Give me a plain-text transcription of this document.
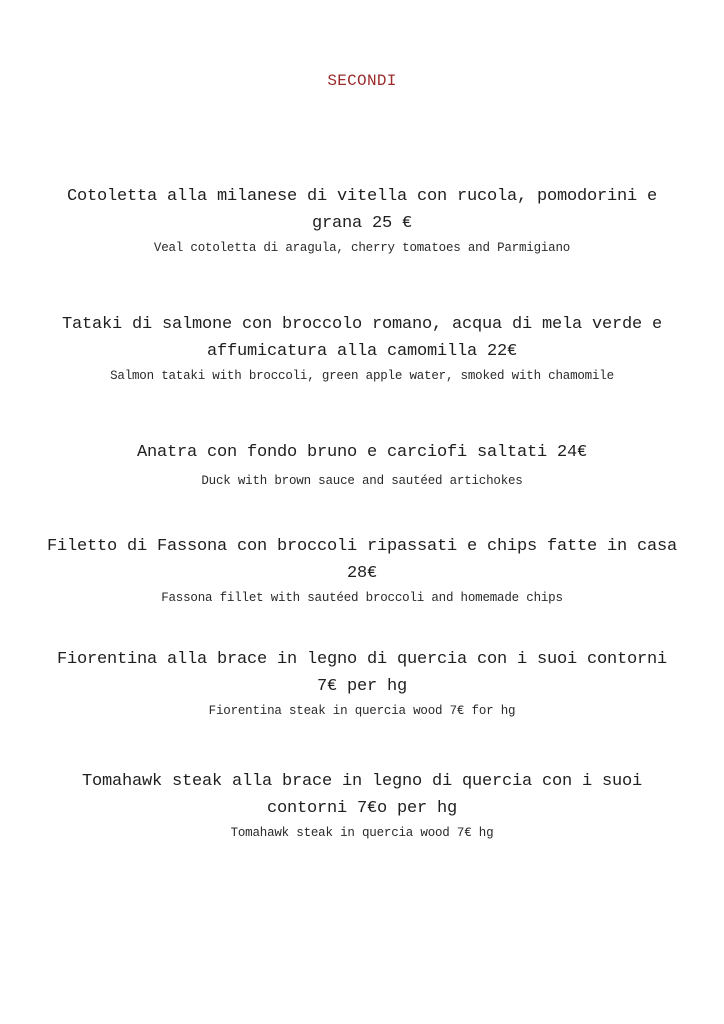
SECONDI
Cotoletta alla milanese di vitella con rucola, pomodorini e
grana 25 €
Veal cotoletta di aragula, cherry tomatoes and Parmigiano
Tataki di salmone con broccolo romano, acqua di mela verde e
affumicatura alla camomilla 22€
Salmon tataki with broccoli, green apple water, smoked with chamomile
Anatra con fondo bruno e carciofi saltati 24€
Duck with brown sauce and sautéed artichokes
Filetto di Fassona con broccoli ripassati e chips fatte in casa
28€
Fassona fillet with sautéed broccoli and homemade chips
Fiorentina alla brace in legno di quercia con i suoi contorni
7€ per hg
Fiorentina steak in quercia wood 7€ for hg
Tomahawk steak alla brace in legno di quercia con i suoi
contorni 7€o per hg
Tomahawk steak in quercia wood 7€ hg
